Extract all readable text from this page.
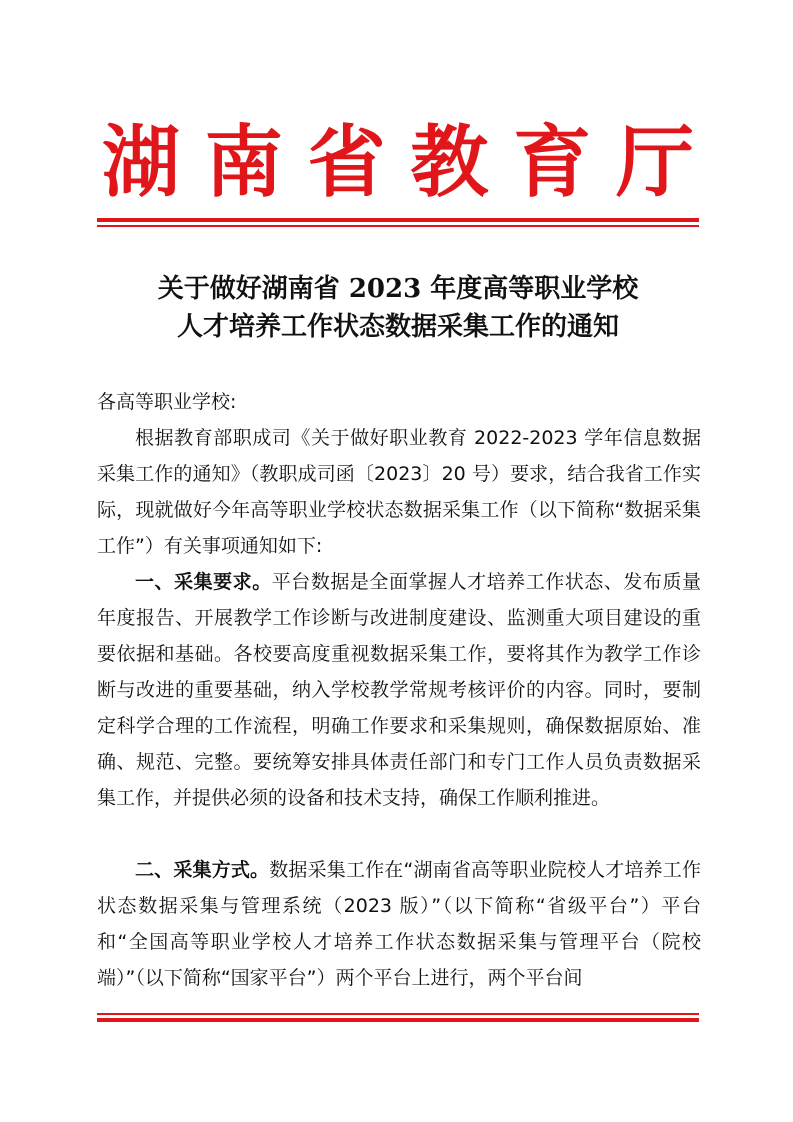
湖 南 省 教 育 厅
关于做好湖南省 2023 年度高等职业学校
人才培养工作状态数据采集工作的通知
各高等职业学校:

根据教育部职成司《关于做好职业教育 2022-2023 学年信息数据采集工作的通知》（教职成司函〔2023〕20 号）要求，结合我省工作实际，现就做好今年高等职业学校状态数据采集工作（以下简称“数据采集工作”）有关事项通知如下:

一、采集要求。平台数据是全面掌握人才培养工作状态、发布质量年度报告、开展教学工作诊断与改进制度建设、监测重大项目建设的重要依据和基础。各校要高度重视数据采集工作，要将其作为教学工作诊断与改进的重要基础，纳入学校教学常规考核评价的内容。同时，要制定科学合理的工作流程，明确工作要求和采集规则，确保数据原始、准确、规范、完整。要统筹安排具体责任部门和专门工作人员负责数据采集工作，并提供必须的设备和技术支持，确保工作顺利推进。

二、采集方式。数据采集工作在“湖南省高等职业院校人才培养工作状态数据采集与管理系统（2023 版）”（以下简称“省级平台”）平台和“全国高等职业学校人才培养工作状态数据采集与管理平台（院校端）”（以下简称“国家平台”）两个平台上进行，两个平台间
